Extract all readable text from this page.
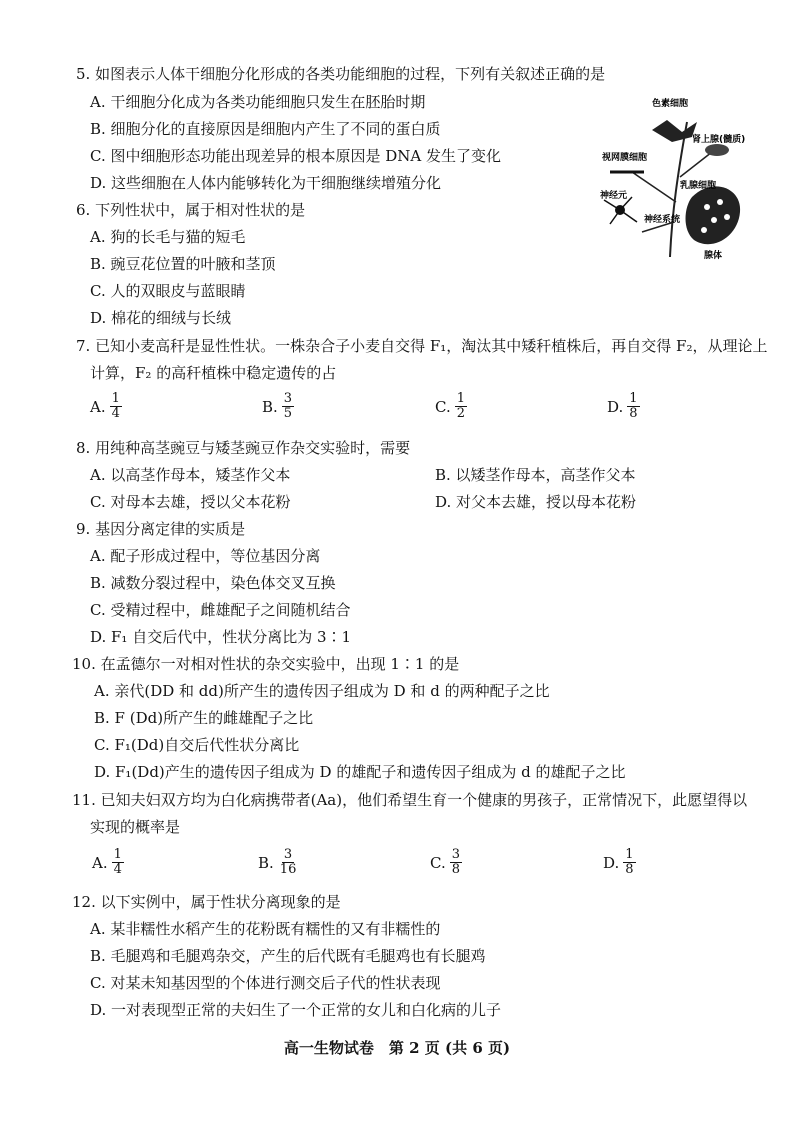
5. 如图表示人体干细胞分化形成的各类功能细胞的过程，下列有关叙述正确的是
A. 干细胞分化成为各类功能细胞只发生在胚胎时期
B. 细胞分化的直接原因是细胞内产生了不同的蛋白质
C. 图中细胞形态功能出现差异的根本原因是 DNA 发生了变化
D. 这些细胞在人体内能够转化为干细胞继续增殖分化
色素细胞
肾上腺(髓质)
视网膜细胞
乳腺细胞
神经元
神经系统
腺体
6. 下列性状中，属于相对性状的是
A. 狗的长毛与猫的短毛
B. 豌豆花位置的叶腋和茎顶
C. 人的双眼皮与蓝眼睛
D. 棉花的细绒与长绒
7. 已知小麦高秆是显性性状。一株杂合子小麦自交得 F₁，淘汰其中矮秆植株后，再自交得 F₂，从理论上
计算，F₂ 的高秆植株中稳定遗传的占
A. $\frac{1}{4}$	B. $\frac{3}{5}$	C. $\frac{1}{2}$	D. $\frac{1}{8}$
8. 用纯种高茎豌豆与矮茎豌豆作杂交实验时，需要
A. 以高茎作母本，矮茎作父本	B. 以矮茎作母本，高茎作父本
C. 对母本去雄，授以父本花粉	D. 对父本去雄，授以母本花粉
9. 基因分离定律的实质是
A. 配子形成过程中，等位基因分离
B. 减数分裂过程中，染色体交叉互换
C. 受精过程中，雌雄配子之间随机结合
D. F₁ 自交后代中，性状分离比为 3∶1
10. 在孟德尔一对相对性状的杂交实验中，出现 1∶1 的是
A. 亲代(DD 和 dd)所产生的遗传因子组成为 D 和 d 的两种配子之比
B. F (Dd)所产生的雌雄配子之比
C. F₁(Dd)自交后代性状分离比
D. F₁(Dd)产生的遗传因子组成为 D 的雄配子和遗传因子组成为 d 的雄配子之比
11. 已知夫妇双方均为白化病携带者(Aa)，他们希望生育一个健康的男孩子，正常情况下，此愿望得以
实现的概率是
A. $\frac{1}{4}$	B. $\frac{3}{16}$	C. $\frac{3}{8}$	D. $\frac{1}{8}$
12. 以下实例中，属于性状分离现象的是
A. 某非糯性水稻产生的花粉既有糯性的又有非糯性的
B. 毛腿鸡和毛腿鸡杂交，产生的后代既有毛腿鸡也有长腿鸡
C. 对某未知基因型的个体进行测交后子代的性状表现
D. 一对表现型正常的夫妇生了一个正常的女儿和白化病的儿子
高一生物试卷　第 2 页 (共 6 页)
